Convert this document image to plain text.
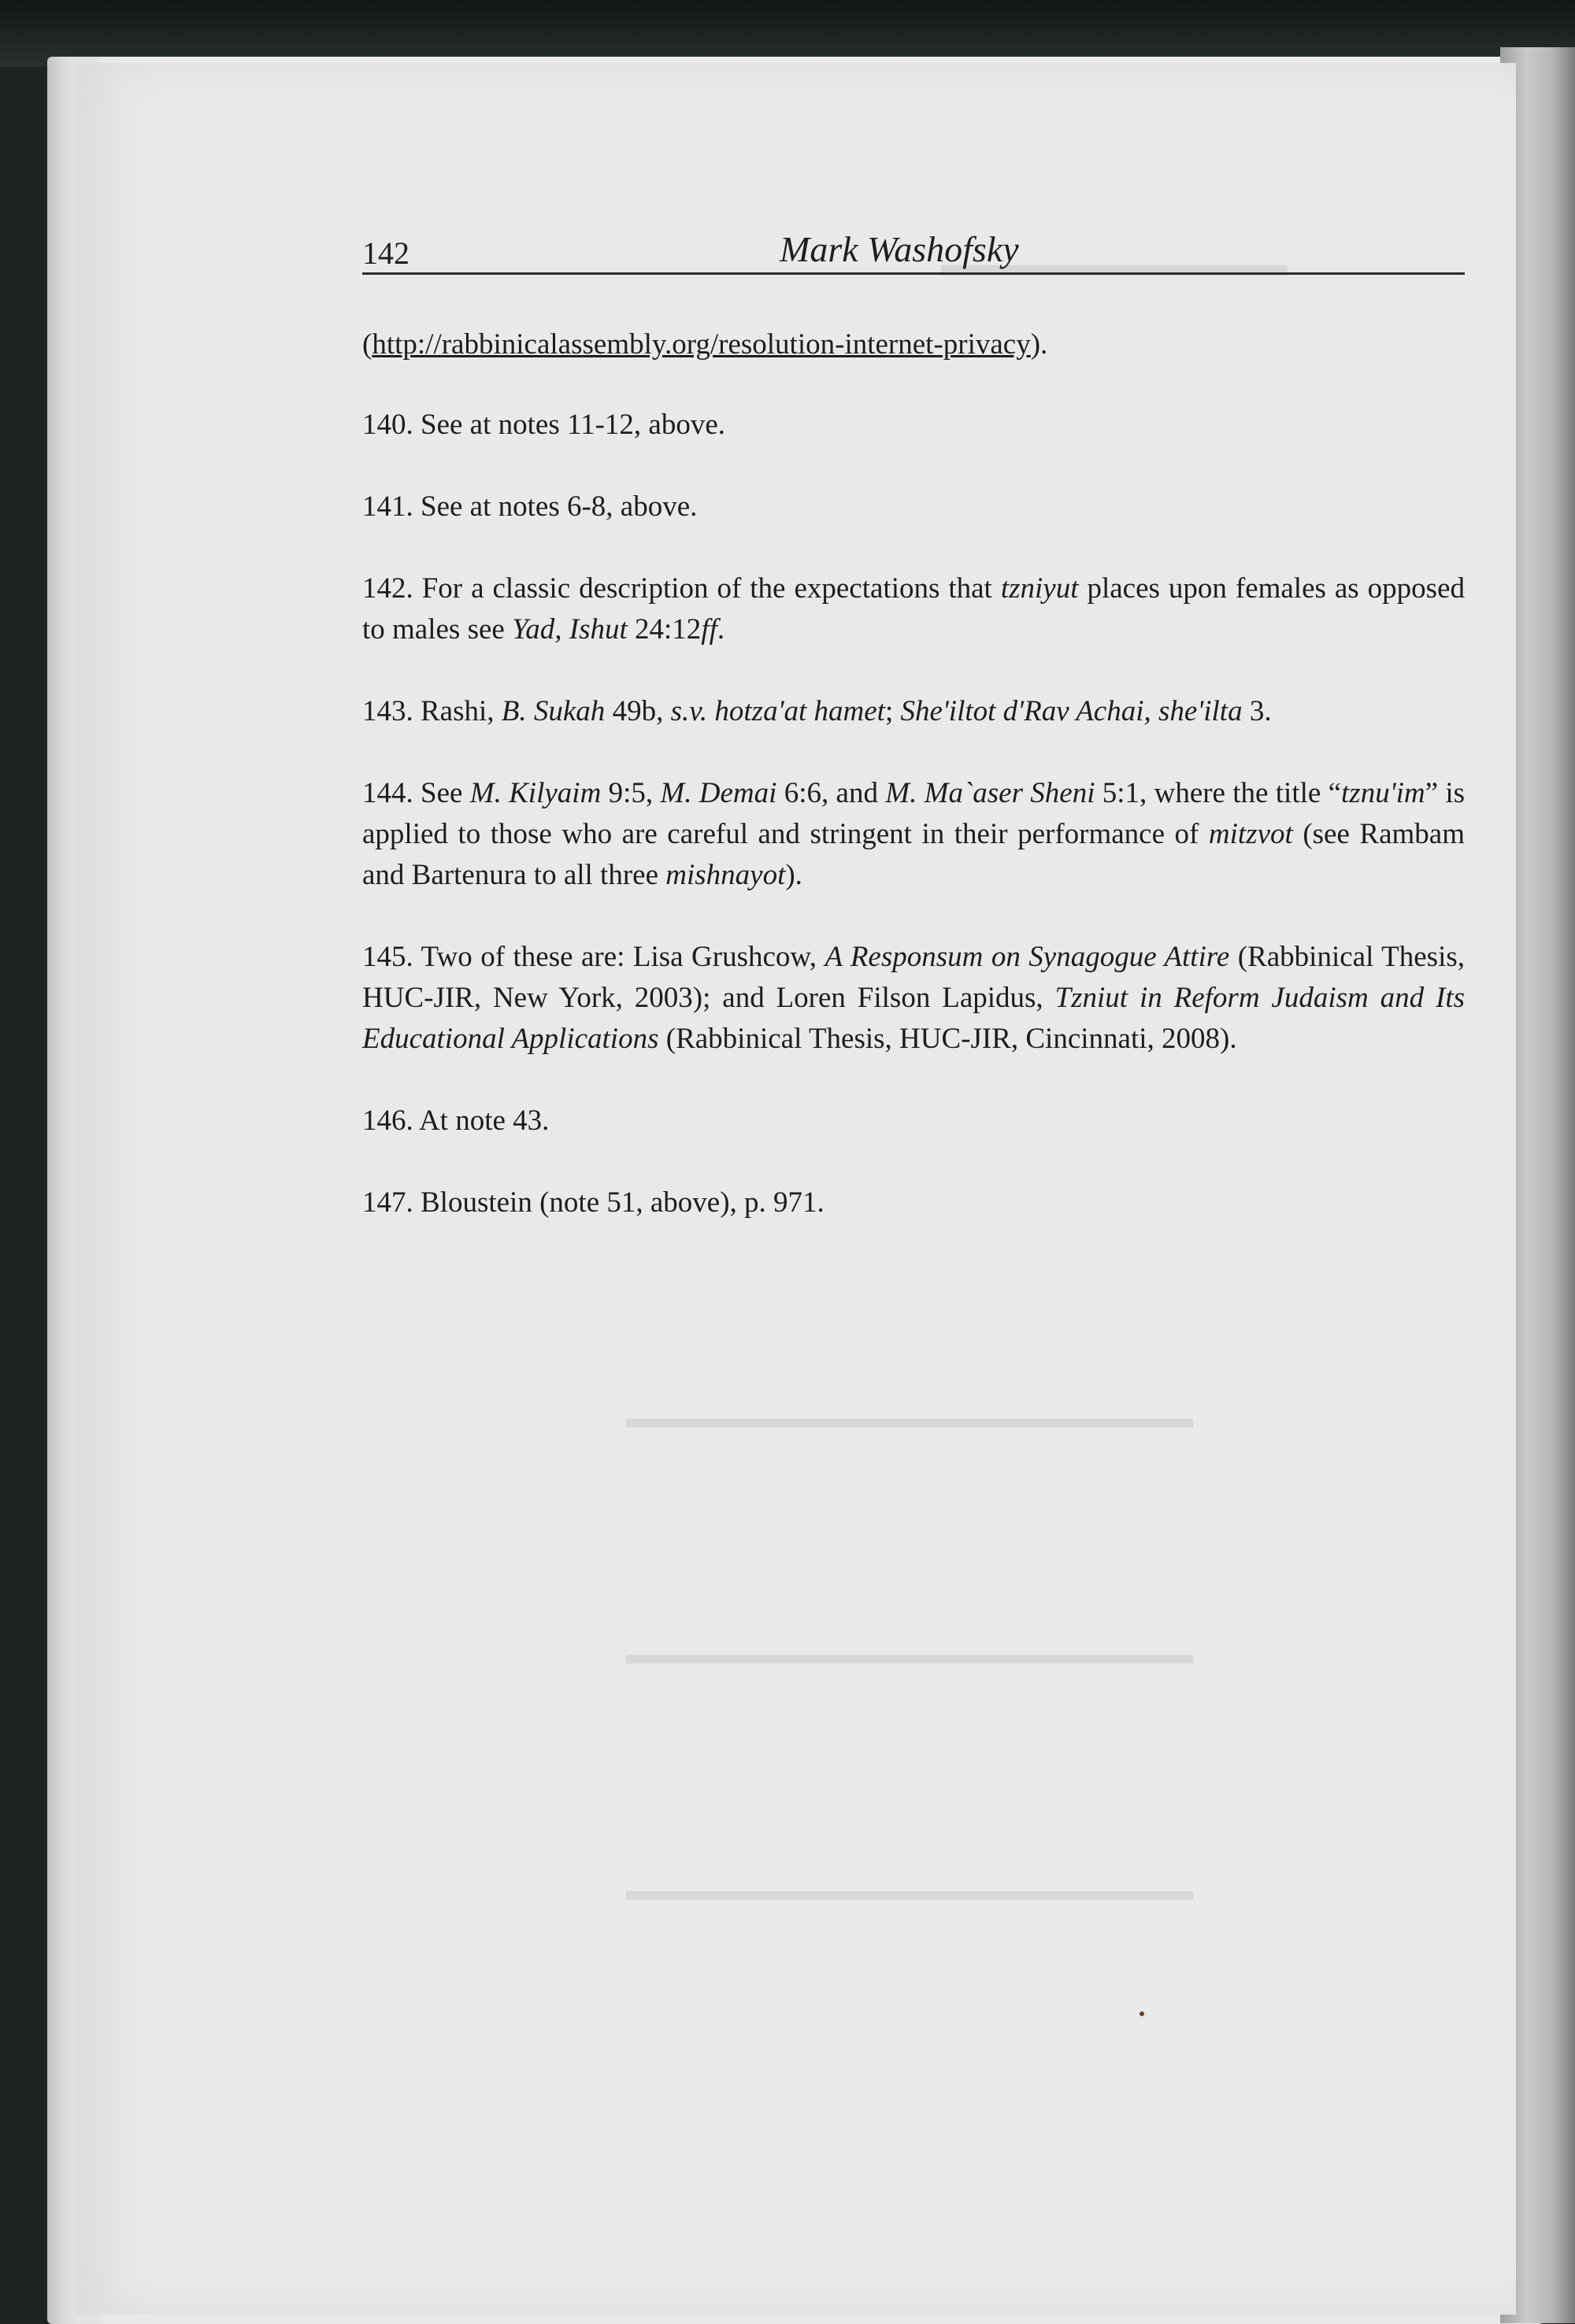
▬▬▬▬▬▬▬▬▬▬
▬▬▬▬▬▬▬▬▬▬▬▬▬▬▬▬▬▬▬▬
▬▬▬▬▬▬▬▬▬▬▬▬▬▬▬▬▬▬▬▬
▬▬▬▬▬▬▬▬▬▬▬▬▬▬▬▬▬▬▬▬
142	Mark Washofsky

(http://rabbinicalassembly.org/resolution-internet-privacy).

140. See at notes 11-12, above.

141. See at notes 6-8, above.

142. For a classic description of the expectations that tzniyut places upon females as opposed to males see Yad, Ishut 24:12ff.

143. Rashi, B. Sukah 49b, s.v. hotza'at hamet; She'iltot d'Rav Achai, she'ilta 3.

144. See M. Kilyaim 9:5, M. Demai 6:6, and M. Ma`aser Sheni 5:1, where the title “tznu'im” is applied to those who are careful and stringent in their performance of mitzvot (see Rambam and Bartenura to all three mishnayot).

145. Two of these are: Lisa Grushcow, A Responsum on Synagogue Attire (Rabbinical Thesis, HUC-JIR, New York, 2003); and Loren Filson Lapidus, Tzniut in Reform Judaism and Its Educational Applications (Rabbinical Thesis, HUC-JIR, Cincinnati, 2008).

146. At note 43.

147. Bloustein (note 51, above), p. 971.
